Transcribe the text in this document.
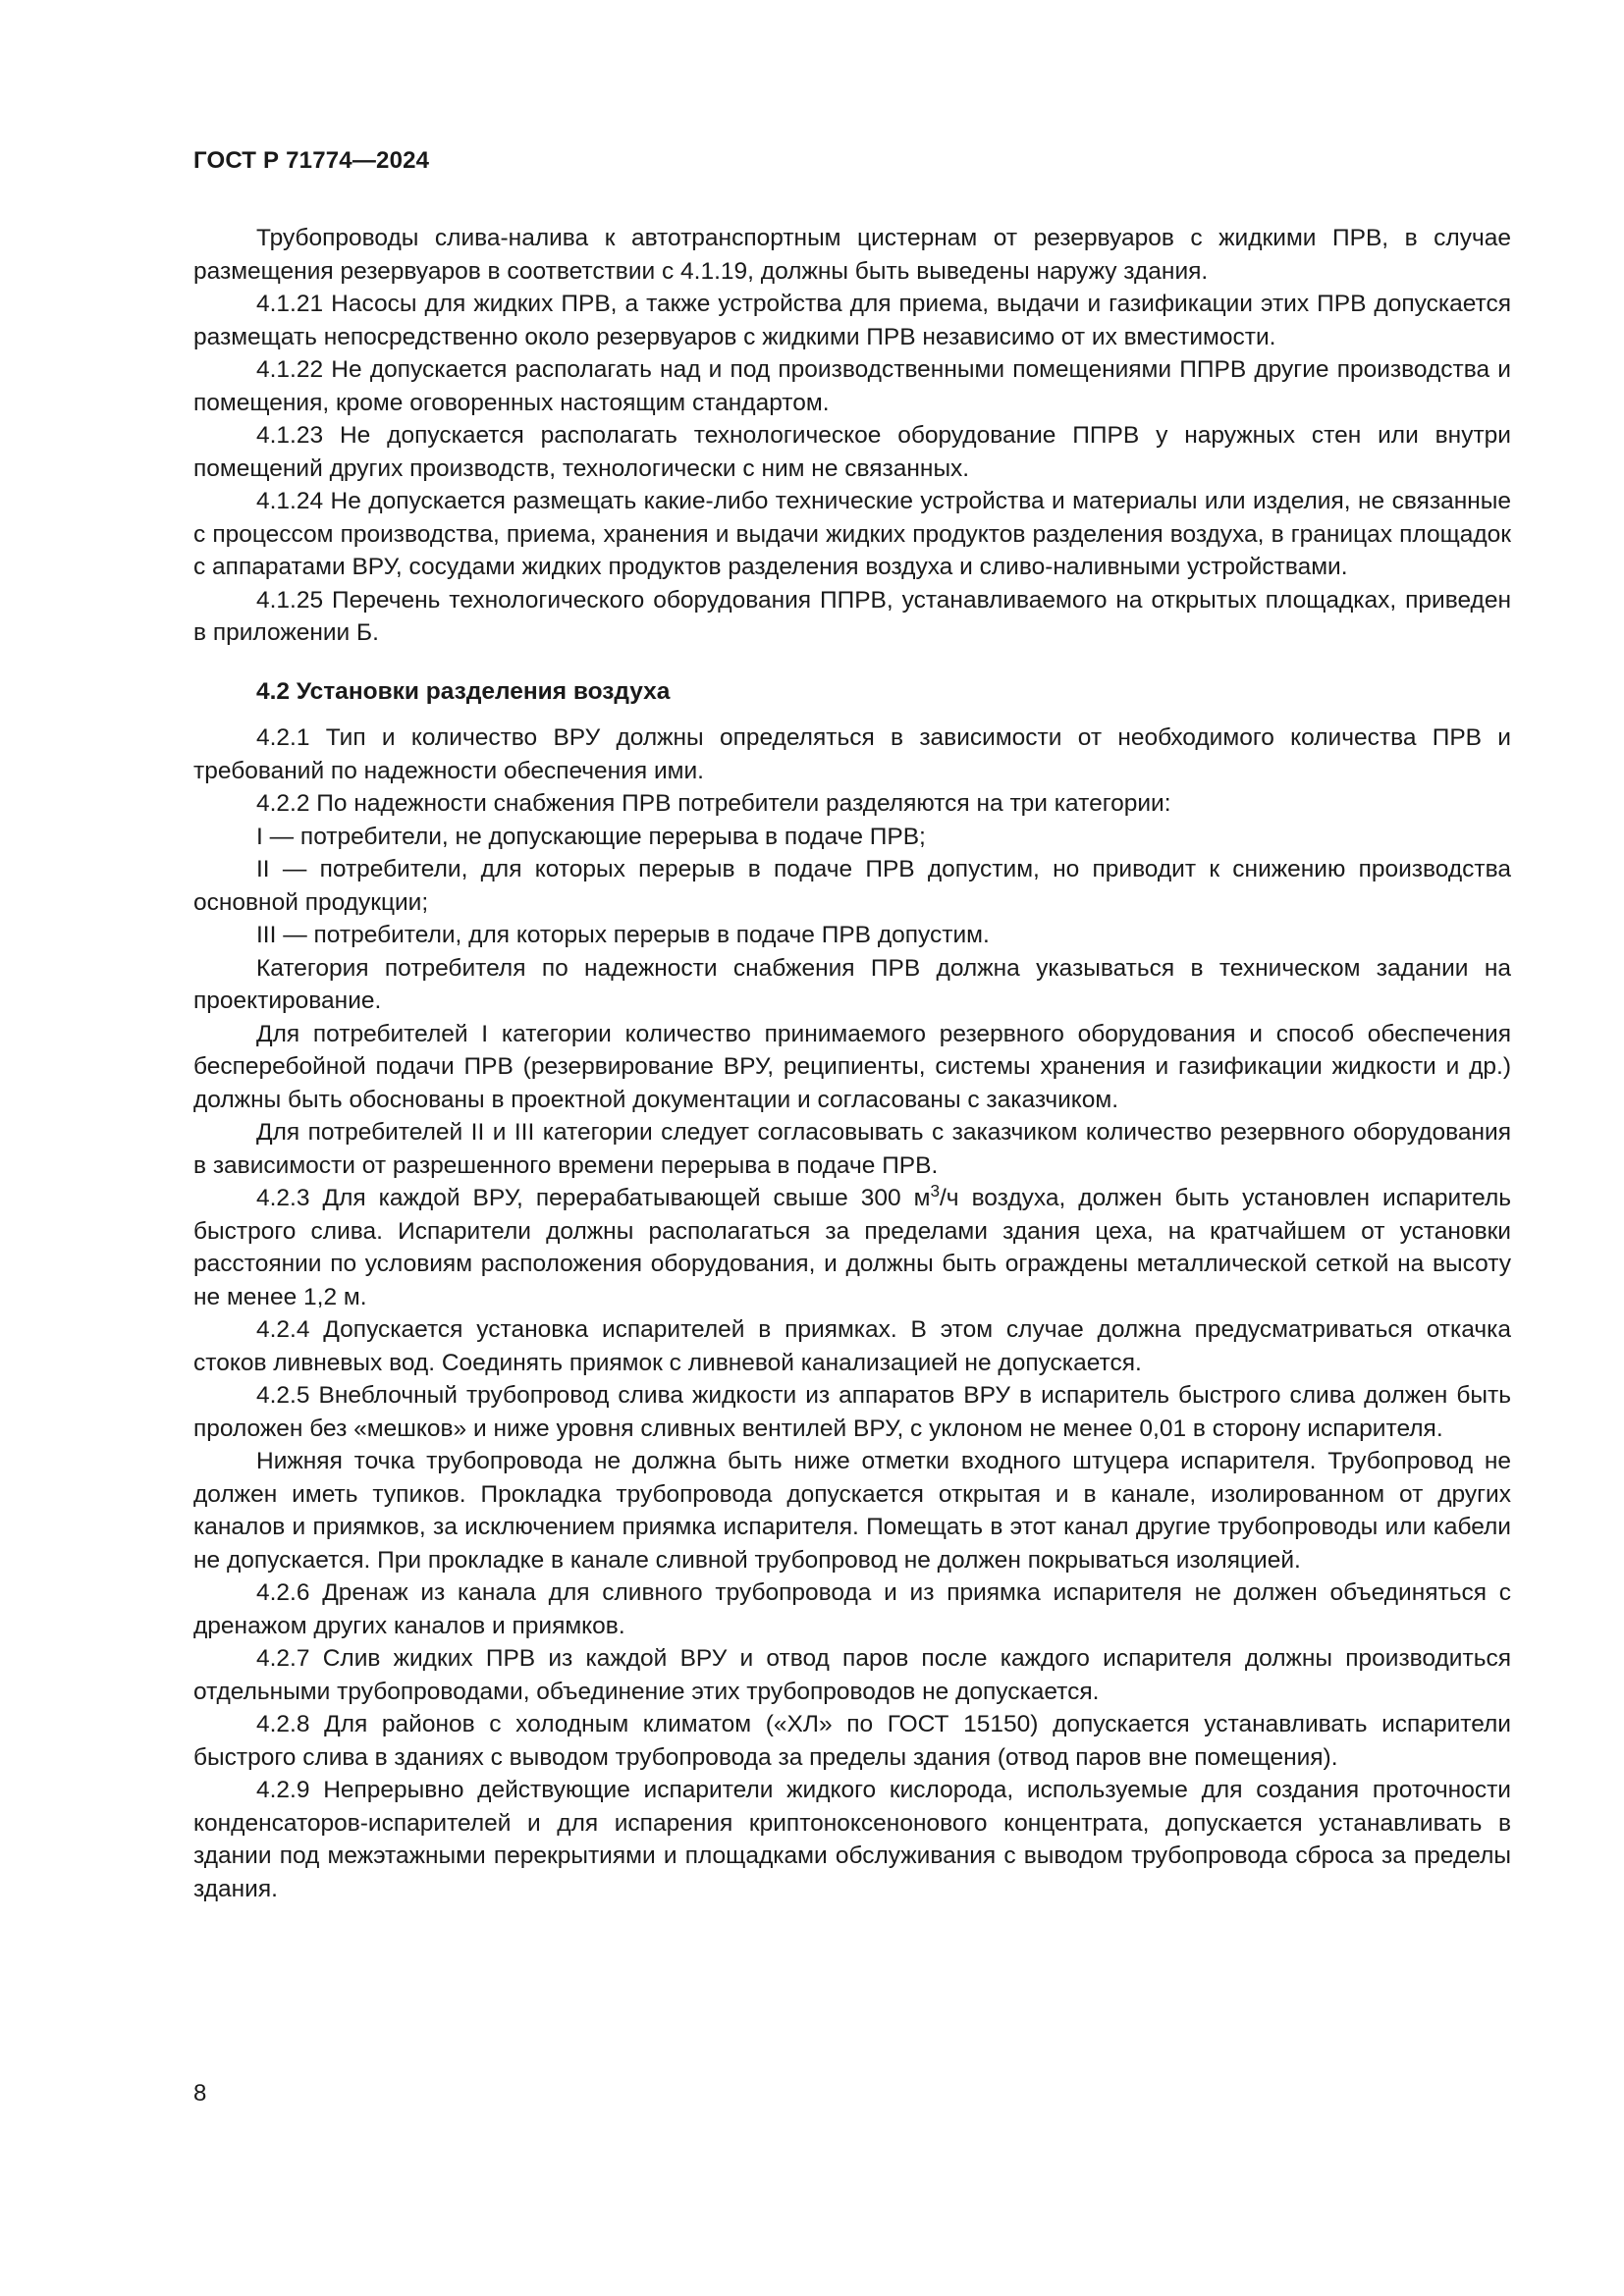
ГОСТ Р 71774—2024

Трубопроводы слива-налива к автотранспортным цистернам от резервуаров с жидкими ПРВ, в случае размещения резервуаров в соответствии с 4.1.19, должны быть выведены наружу здания.

4.1.21 Насосы для жидких ПРВ, а также устройства для приема, выдачи и газификации этих ПРВ допускается размещать непосредственно около резервуаров с жидкими ПРВ независимо от их вместимости.

4.1.22 Не допускается располагать над и под производственными помещениями ППРВ другие производства и помещения, кроме оговоренных настоящим стандартом.

4.1.23 Не допускается располагать технологическое оборудование ППРВ у наружных стен или внутри помещений других производств, технологически с ним не связанных.

4.1.24 Не допускается размещать какие-либо технические устройства и материалы или изделия, не связанные с процессом производства, приема, хранения и выдачи жидких продуктов разделения воздуха, в границах площадок с аппаратами ВРУ, сосудами жидких продуктов разделения воздуха и сливо-наливными устройствами.

4.1.25 Перечень технологического оборудования ППРВ, устанавливаемого на открытых площадках, приведен в приложении Б.

4.2 Установки разделения воздуха

4.2.1 Тип и количество ВРУ должны определяться в зависимости от необходимого количества ПРВ и требований по надежности обеспечения ими.

4.2.2 По надежности снабжения ПРВ потребители разделяются на три категории:

I — потребители, не допускающие перерыва в подаче ПРВ;

II — потребители, для которых перерыв в подаче ПРВ допустим, но приводит к снижению производства основной продукции;

III — потребители, для которых перерыв в подаче ПРВ допустим.

Категория потребителя по надежности снабжения ПРВ должна указываться в техническом задании на проектирование.

Для потребителей I категории количество принимаемого резервного оборудования и способ обеспечения бесперебойной подачи ПРВ (резервирование ВРУ, реципиенты, системы хранения и газификации жидкости и др.) должны быть обоснованы в проектной документации и согласованы с заказчиком.

Для потребителей II и III категории следует согласовывать с заказчиком количество резервного оборудования в зависимости от разрешенного времени перерыва в подаче ПРВ.

4.2.3 Для каждой ВРУ, перерабатывающей свыше 300 $м^3/ч$ воздуха, должен быть установлен испаритель быстрого слива. Испарители должны располагаться за пределами здания цеха, на кратчайшем от установки расстоянии по условиям расположения оборудования, и должны быть ограждены металлической сеткой на высоту не менее 1,2 м.

4.2.4 Допускается установка испарителей в приямках. В этом случае должна предусматриваться откачка стоков ливневых вод. Соединять приямок с ливневой канализацией не допускается.

4.2.5 Внеблочный трубопровод слива жидкости из аппаратов ВРУ в испаритель быстрого слива должен быть проложен без «мешков» и ниже уровня сливных вентилей ВРУ, с уклоном не менее 0,01 в сторону испарителя.

Нижняя точка трубопровода не должна быть ниже отметки входного штуцера испарителя. Трубопровод не должен иметь тупиков. Прокладка трубопровода допускается открытая и в канале, изолированном от других каналов и приямков, за исключением приямка испарителя. Помещать в этот канал другие трубопроводы или кабели не допускается. При прокладке в канале сливной трубопровод не должен покрываться изоляцией.

4.2.6 Дренаж из канала для сливного трубопровода и из приямка испарителя не должен объединяться с дренажом других каналов и приямков.

4.2.7 Слив жидких ПРВ из каждой ВРУ и отвод паров после каждого испарителя должны производиться отдельными трубопроводами, объединение этих трубопроводов не допускается.

4.2.8 Для районов с холодным климатом («ХЛ» по ГОСТ 15150) допускается устанавливать испарители быстрого слива в зданиях с выводом трубопровода за пределы здания (отвод паров вне помещения).

4.2.9 Непрерывно действующие испарители жидкого кислорода, используемые для создания проточности конденсаторов-испарителей и для испарения криптоноксенонового концентрата, допускается устанавливать в здании под межэтажными перекрытиями и площадками обслуживания с выводом трубопровода сброса за пределы здания.

8
